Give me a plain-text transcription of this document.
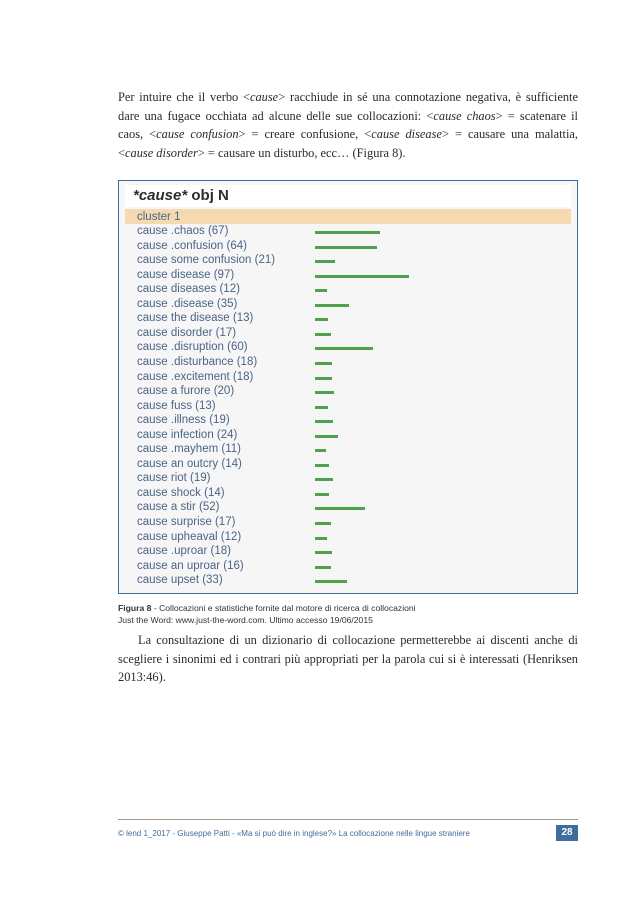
Per intuire che il verbo <cause> racchiude in sé una connotazione negativa, è sufficiente dare una fugace occhiata ad alcune delle sue collocazioni: <cause chaos> = scatenare il caos, <cause confusion> = creare confusione, <cause disease> = causare una malattia, <cause disorder> = causare un disturbo, ecc… (Figura 8).

*cause* obj N
cluster 1
cause .chaos (67)
cause .confusion (64)
cause some confusion (21)
cause disease (97)
cause diseases (12)
cause .disease (35)
cause the disease (13)
cause disorder (17)
cause .disruption (60)
cause .disturbance (18)
cause .excitement (18)
cause a furore (20)
cause fuss (13)
cause .illness (19)
cause infection (24)
cause .mayhem (11)
cause an outcry (14)
cause riot (19)
cause shock (14)
cause a stir (52)
cause surprise (17)
cause upheaval (12)
cause .uproar (18)
cause an uproar (16)
cause upset (33)
Figura 8 - Collocazioni e statistiche fornite dal motore di ricerca di collocazioni
Just the Word: www.just-the-word.com. Ultimo accesso 19/06/2015

La consultazione di un dizionario di collocazione permetterebbe ai discenti anche di scegliere i sinonimi ed i contrari più appropriati per la parola cui si è interessati (Henriksen 2013:46).

© lend 1_2017 - Giuseppe Patti - «Ma si può dire in inglese?» La collocazione nelle lingue straniere	28
